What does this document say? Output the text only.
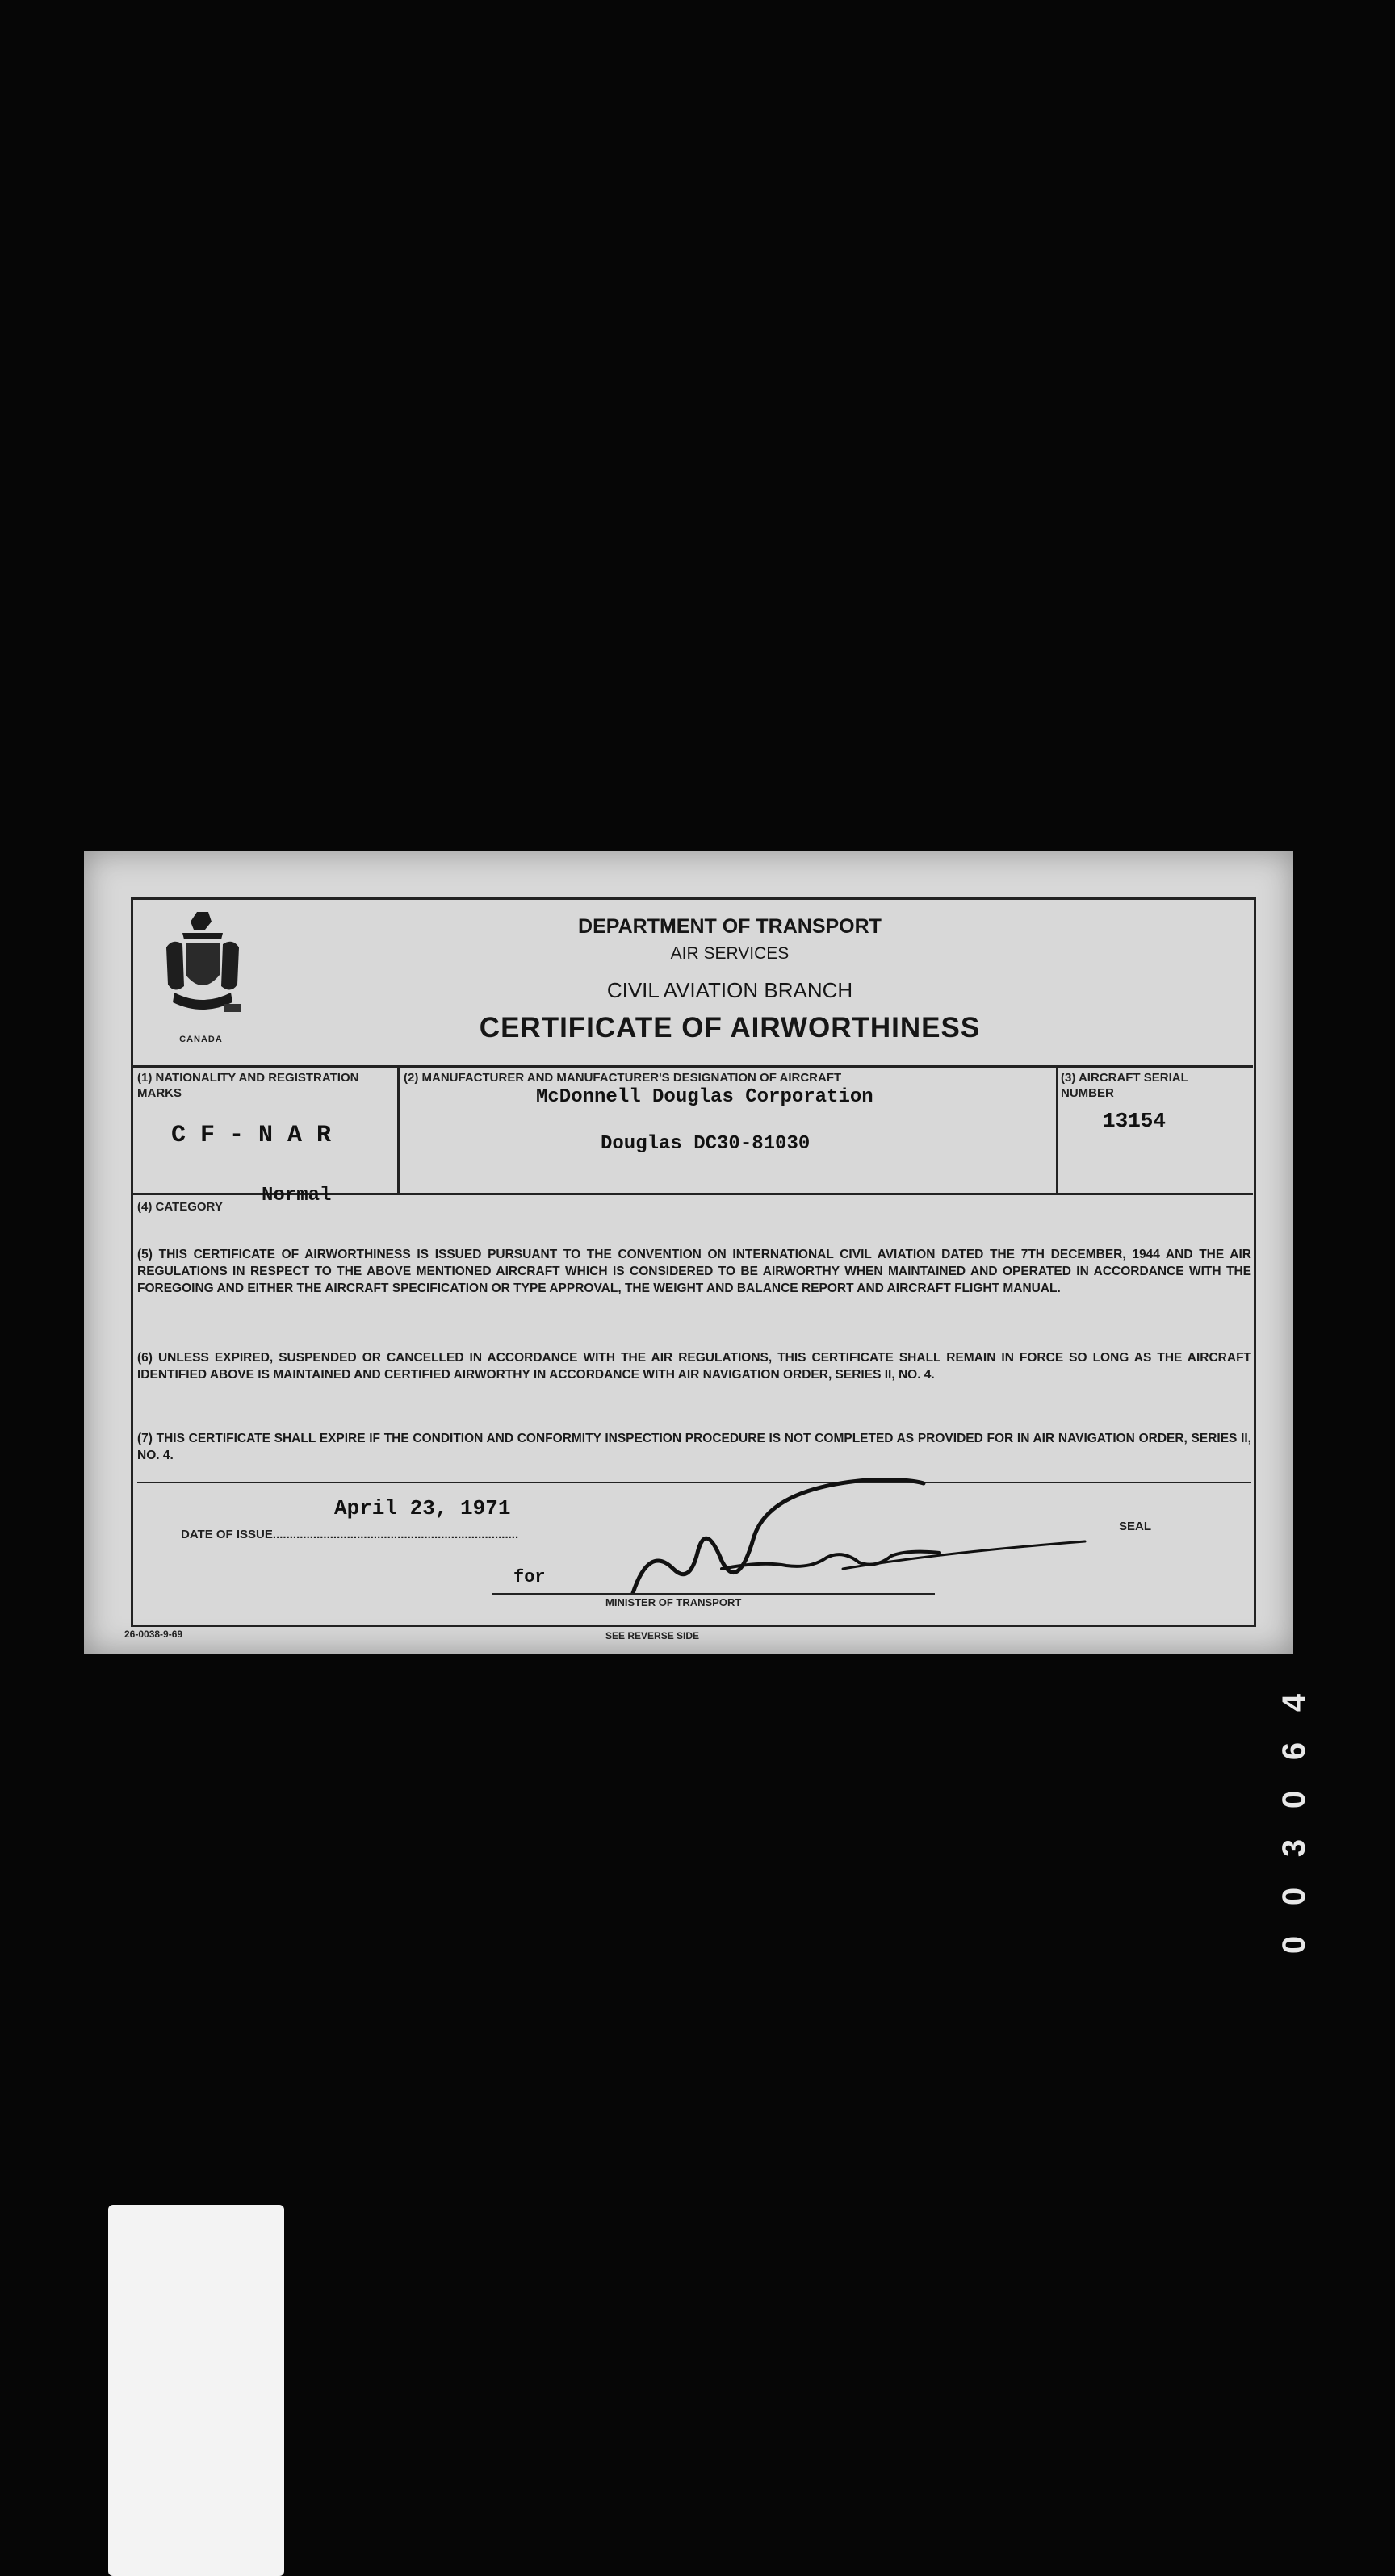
CANADA
DEPARTMENT OF TRANSPORT
AIR SERVICES
CIVIL AVIATION BRANCH
CERTIFICATE OF AIRWORTHINESS
(1) NATIONALITY AND REGISTRATION MARKS
C F - N A R
(2) MANUFACTURER AND MANUFACTURER'S DESIGNATION OF AIRCRAFT
McDonnell Douglas Corporation
Douglas DC30-81030
(3) AIRCRAFT SERIAL NUMBER
13154
(4) CATEGORY
Normal
(5) THIS CERTIFICATE OF AIRWORTHINESS IS ISSUED PURSUANT TO THE CONVENTION ON INTERNATIONAL CIVIL AVIATION DATED THE 7TH DECEMBER, 1944 AND THE AIR REGULATIONS IN RESPECT TO THE ABOVE MENTIONED AIRCRAFT WHICH IS CONSIDERED TO BE AIRWORTHY WHEN MAINTAINED AND OPERATED IN ACCORDANCE WITH THE FOREGOING AND EITHER THE AIRCRAFT SPECIFICATION OR TYPE APPROVAL, THE WEIGHT AND BALANCE REPORT AND AIRCRAFT FLIGHT MANUAL.
(6) UNLESS EXPIRED, SUSPENDED OR CANCELLED IN ACCORDANCE WITH THE AIR REGULATIONS, THIS CERTIFICATE SHALL REMAIN IN FORCE SO LONG AS THE AIRCRAFT IDENTIFIED ABOVE IS MAINTAINED AND CERTIFIED AIRWORTHY IN ACCORDANCE WITH AIR NAVIGATION ORDER, SERIES II, NO. 4.
(7) THIS CERTIFICATE SHALL EXPIRE IF THE CONDITION AND CONFORMITY INSPECTION PROCEDURE IS NOT COMPLETED AS PROVIDED FOR IN AIR NAVIGATION ORDER, SERIES II, NO. 4.
DATE OF ISSUE.........................................................................
April 23, 1971
SEAL
for
MINISTER OF TRANSPORT
26-0038-9-69	SEE REVERSE SIDE
4
6
0
3
0
0
